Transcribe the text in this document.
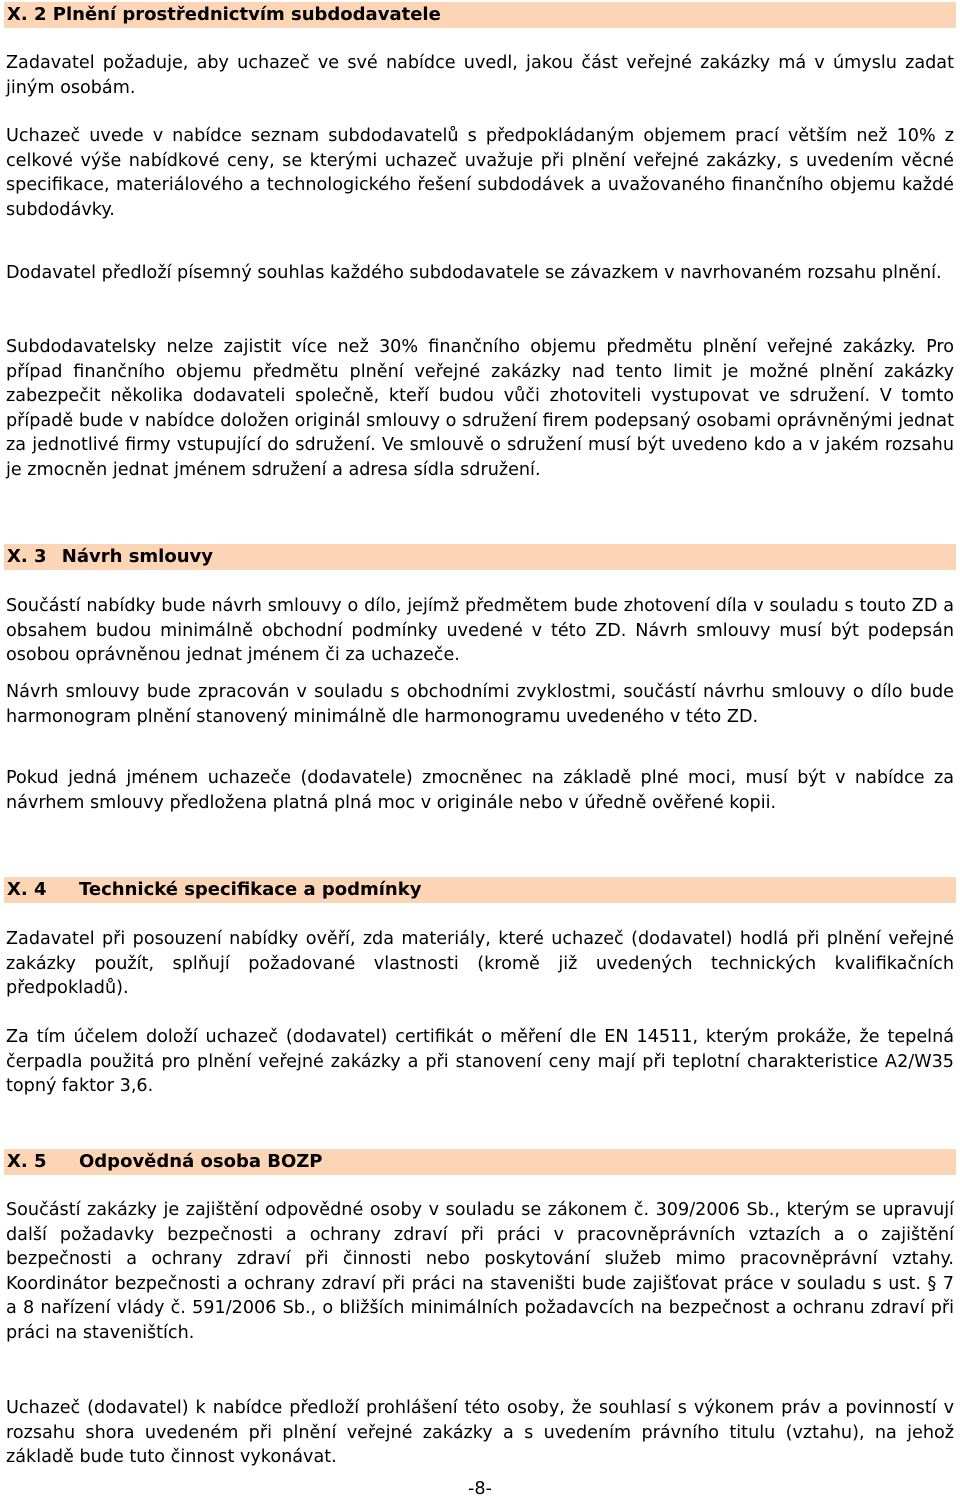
X. 2 Plnění prostřednictvím subdodavatele

Zadavatel požaduje, aby uchazeč ve své nabídce uvedl, jakou část veřejné zakázky má v úmyslu zadat jiným osobám.

Uchazeč uvede v nabídce seznam subdodavatelů s předpokládaným objemem prací větším než 10% z celkové výše nabídkové ceny, se kterými uchazeč uvažuje při plnění veřejné zakázky, s uvedením věcné specifikace, materiálového a technologického řešení subdodávek a uvažovaného finančního objemu každé subdodávky.

Dodavatel předloží písemný souhlas každého subdodavatele se závazkem v navrhovaném rozsahu plnění.

Subdodavatelsky nelze zajistit více než 30% finančního objemu předmětu plnění veřejné zakázky. Pro případ finančního objemu předmětu plnění veřejné zakázky nad tento limit je možné plnění zakázky zabezpečit několika dodavateli společně, kteří budou vůči zhotoviteli vystupovat ve sdružení. V tomto případě bude v nabídce doložen originál smlouvy o sdružení firem podepsaný osobami oprávněnými jednat za jednotlivé firmy vstupující do sdružení. Ve smlouvě o sdružení musí být uvedeno kdo a v jakém rozsahu je zmocněn jednat jménem sdružení a adresa sídla sdružení.

X. 3 Návrh smlouvy

Součástí nabídky bude návrh smlouvy o dílo, jejímž předmětem bude zhotovení díla v souladu s touto ZD a obsahem budou minimálně obchodní podmínky uvedené v této ZD. Návrh smlouvy musí být podepsán osobou oprávněnou jednat jménem či za uchazeče.

Návrh smlouvy bude zpracován v souladu s obchodními zvyklostmi, součástí návrhu smlouvy o dílo bude harmonogram plnění stanovený minimálně dle harmonogramu uvedeného v této ZD.

Pokud jedná jménem uchazeče (dodavatele) zmocněnec na základě plné moci, musí být v nabídce za návrhem smlouvy předložena platná plná moc v originále nebo v úředně ověřené kopii.

X. 4 Technické specifikace a podmínky

Zadavatel při posouzení nabídky ověří, zda materiály, které uchazeč (dodavatel) hodlá při plnění veřejné zakázky použít, splňují požadované vlastnosti (kromě již uvedených technických kvalifikačních předpokladů).

Za tím účelem doloží uchazeč (dodavatel) certifikát o měření dle EN 14511, kterým prokáže, že tepelná čerpadla použitá pro plnění veřejné zakázky a při stanovení ceny mají při teplotní charakteristice A2/W35 topný faktor 3,6.

X. 5 Odpovědná osoba BOZP

Součástí zakázky je zajištění odpovědné osoby v souladu se zákonem č. 309/2006 Sb., kterým se upravují další požadavky bezpečnosti a ochrany zdraví při práci v pracovněprávních vztazích a o zajištění bezpečnosti a ochrany zdraví při činnosti nebo poskytování služeb mimo pracovněprávní vztahy. Koordinátor bezpečnosti a ochrany zdraví při práci na staveništi bude zajišťovat práce v souladu s ust. § 7 a 8 nařízení vlády č. 591/2006 Sb., o bližších minimálních požadavcích na bezpečnost a ochranu zdraví při práci na staveništích.

Uchazeč (dodavatel) k nabídce předloží prohlášení této osoby, že souhlasí s výkonem práv a povinností v rozsahu shora uvedeném při plnění veřejné zakázky a s uvedením právního titulu (vztahu), na jehož základě bude tuto činnost vykonávat.

-8-
